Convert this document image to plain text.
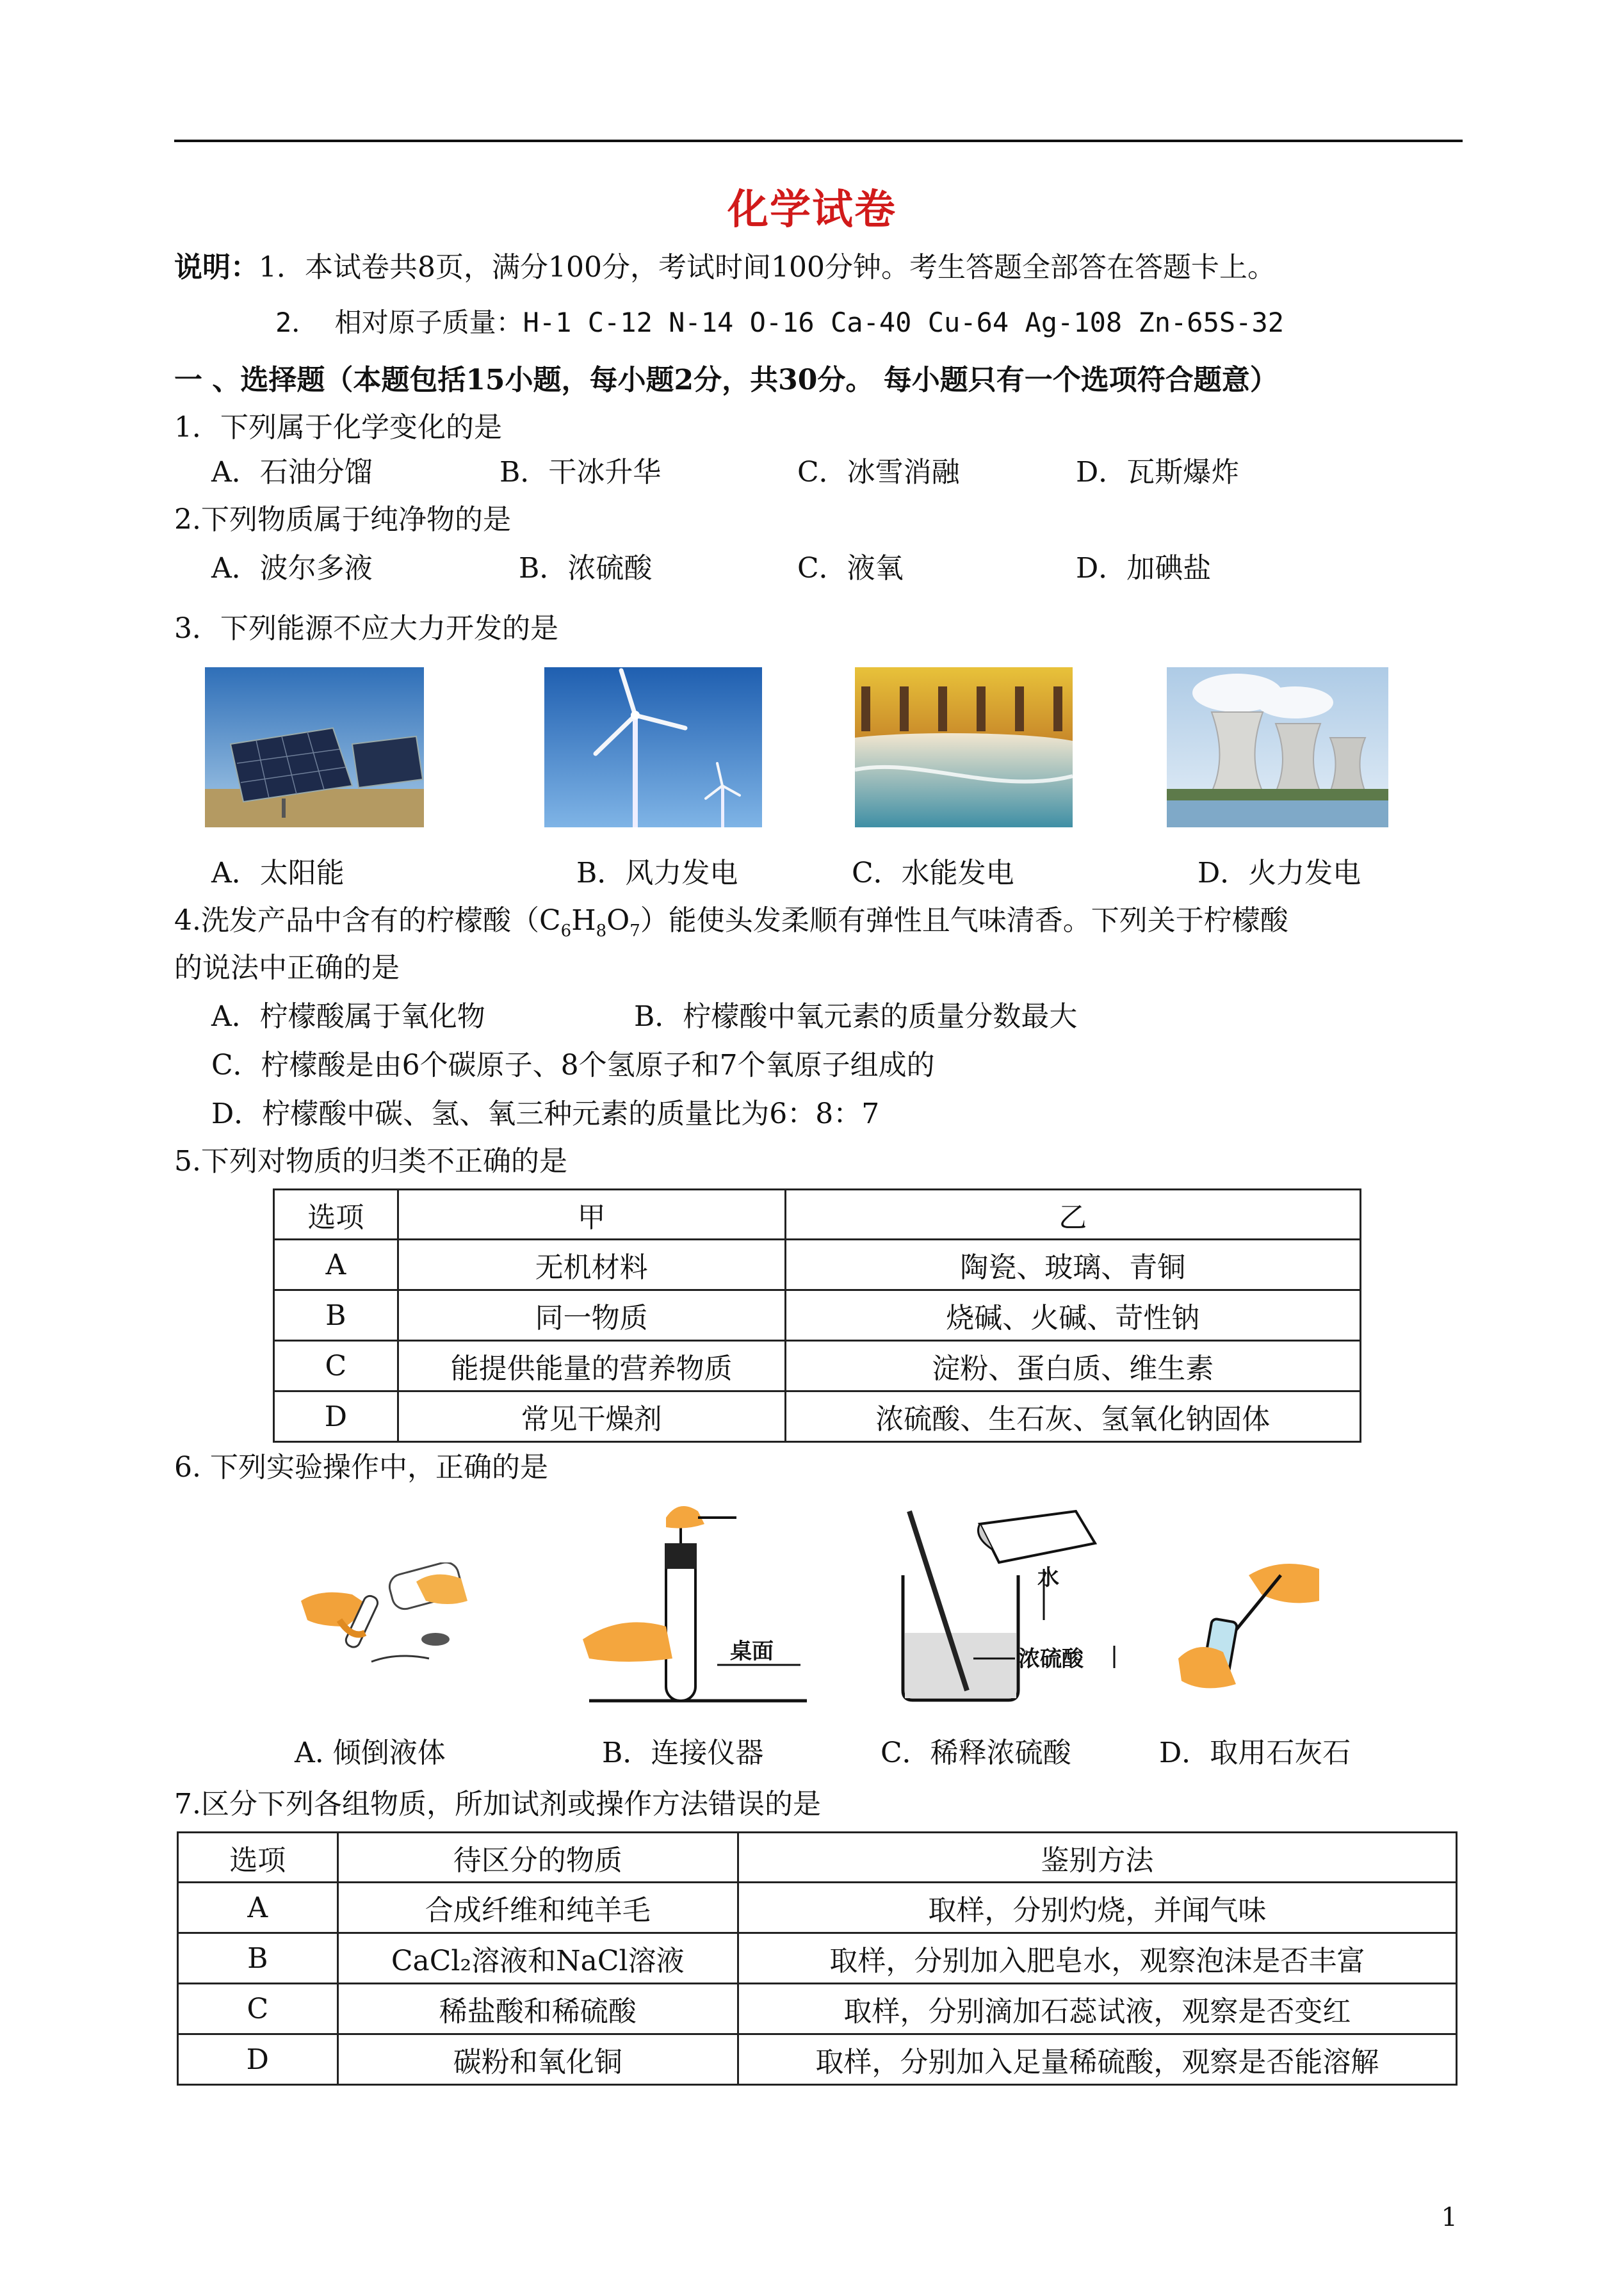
化学试卷
说明：1．本试卷共8页，满分100分，考试时间100分钟。考生答题全部答在答题卡上。
2． 相对原子质量：H-1 C-12 N-14 O-16 Ca-40 Cu-64 Ag-108 Zn-65S-32
一 、选择题（本题包括15小题，每小题2分，共30分。 每小题只有一个选项符合题意）
1．下列属于化学变化的是
A．石油分馏	B．干冰升华	C．冰雪消融	D．瓦斯爆炸
2.下列物质属于纯净物的是
A．波尔多液	B．浓硫酸	C．液氧	D．加碘盐
3．下列能源不应大力开发的是
A．太阳能	B．风力发电	C．水能发电	D．火力发电
4.洗发产品中含有的柠檬酸$(C_6H_8O_7)$能使头发柔顺有弹性且气味清香。下列关于柠檬酸
的说法中正确的是
A．柠檬酸属于氧化物	B．柠檬酸中氧元素的质量分数最大
C．柠檬酸是由6个碳原子、8个氢原子和7个氧原子组成的
D．柠檬酸中碳、氢、氧三种元素的质量比为6：8：7
5.下列对物质的归类不正确的是
选项	甲	乙
A	无机材料	陶瓷、玻璃、青铜
B	同一物质	烧碱、火碱、苛性钠
C	能提供能量的营养物质	淀粉、蛋白质、维生素
D	常见干燥剂	浓硫酸、生石灰、氢氧化钠固体
6. 下列实验操作中，正确的是
桌面
水
浓硫酸
A. 倾倒液体	B．连接仪器	C．稀释浓硫酸	D．取用石灰石
7.区分下列各组物质，所加试剂或操作方法错误的是
选项	待区分的物质	鉴别方法
A	合成纤维和纯羊毛	取样，分别灼烧，并闻气味
B	CaCl₂溶液和NaCl溶液	取样，分别加入肥皂水，观察泡沫是否丰富
C	稀盐酸和稀硫酸	取样，分别滴加石蕊试液，观察是否变红
D	碳粉和氧化铜	取样，分别加入足量稀硫酸，观察是否能溶解
1
